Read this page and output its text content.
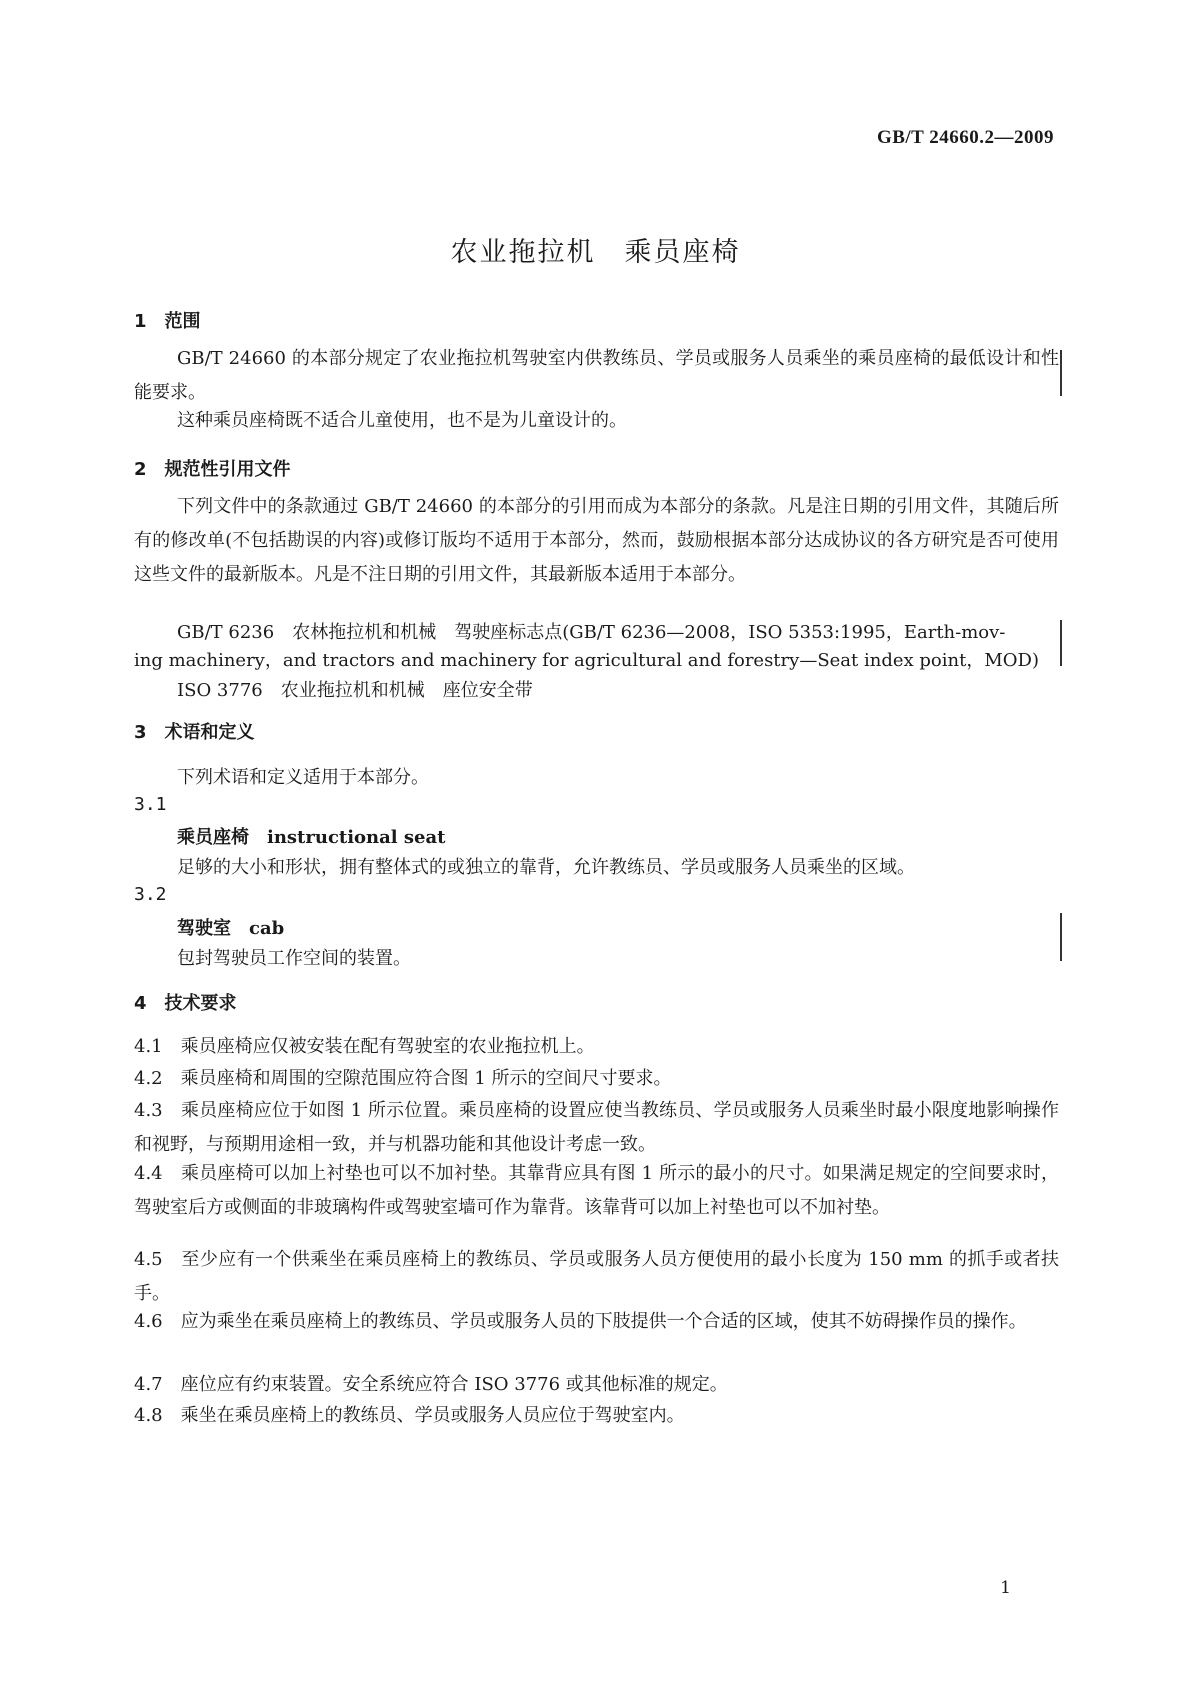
GB/T 24660.2—2009
农业拖拉机　乘员座椅
1　范围
GB/T 24660 的本部分规定了农业拖拉机驾驶室内供教练员、学员或服务人员乘坐的乘员座椅的最低设计和性能要求。
这种乘员座椅既不适合儿童使用，也不是为儿童设计的。
2　规范性引用文件
下列文件中的条款通过 GB/T 24660 的本部分的引用而成为本部分的条款。凡是注日期的引用文件，其随后所有的修改单(不包括勘误的内容)或修订版均不适用于本部分，然而，鼓励根据本部分达成协议的各方研究是否可使用这些文件的最新版本。凡是不注日期的引用文件，其最新版本适用于本部分。
GB/T 6236　农林拖拉机和机械　驾驶座标志点(GB/T 6236—2008，ISO 5353:1995，Earth-mov-
ing machinery，and tractors and machinery for agricultural and forestry—Seat index point，MOD)
ISO 3776　农业拖拉机和机械　座位安全带
3　术语和定义
下列术语和定义适用于本部分。
3.1
乘员座椅　instructional seat
足够的大小和形状，拥有整体式的或独立的靠背，允许教练员、学员或服务人员乘坐的区域。
3.2
驾驶室　cab
包封驾驶员工作空间的装置。
4　技术要求
4.1　乘员座椅应仅被安装在配有驾驶室的农业拖拉机上。
4.2　乘员座椅和周围的空隙范围应符合图 1 所示的空间尺寸要求。
4.3　乘员座椅应位于如图 1 所示位置。乘员座椅的设置应使当教练员、学员或服务人员乘坐时最小限度地影响操作和视野，与预期用途相一致，并与机器功能和其他设计考虑一致。
4.4　乘员座椅可以加上衬垫也可以不加衬垫。其靠背应具有图 1 所示的最小的尺寸。如果满足规定的空间要求时，驾驶室后方或侧面的非玻璃构件或驾驶室墙可作为靠背。该靠背可以加上衬垫也可以不加衬垫。
4.5　至少应有一个供乘坐在乘员座椅上的教练员、学员或服务人员方便使用的最小长度为 150 mm 的抓手或者扶手。
4.6　应为乘坐在乘员座椅上的教练员、学员或服务人员的下肢提供一个合适的区域，使其不妨碍操作员的操作。
4.7　座位应有约束装置。安全系统应符合 ISO 3776 或其他标准的规定。
4.8　乘坐在乘员座椅上的教练员、学员或服务人员应位于驾驶室内。
1
